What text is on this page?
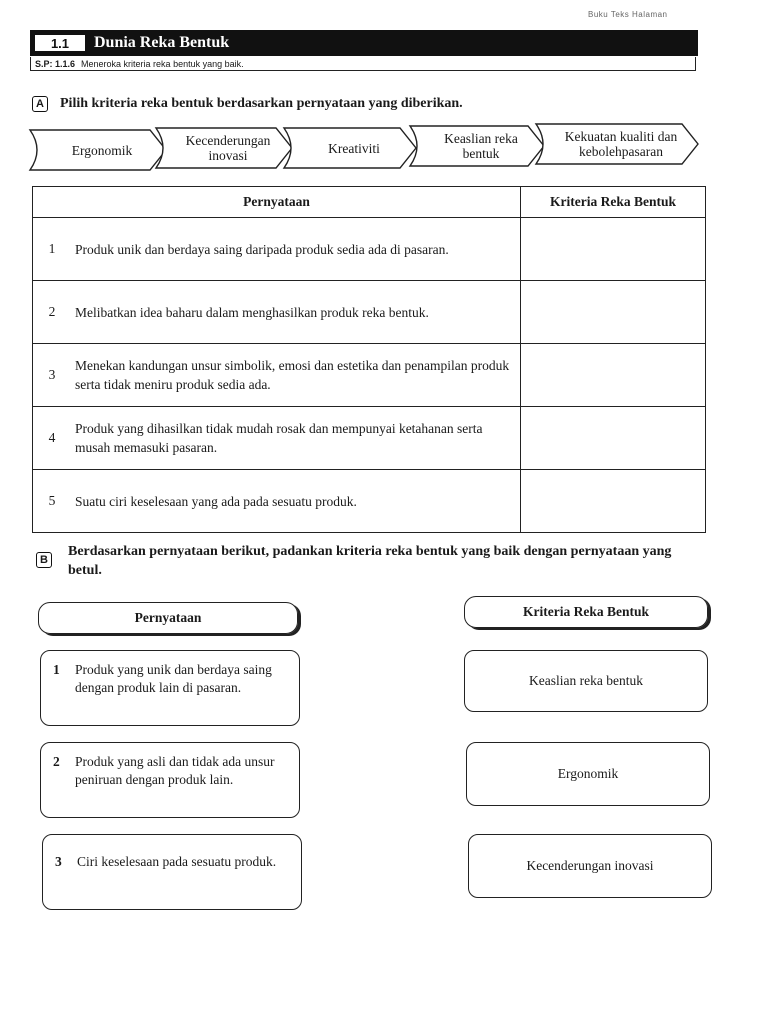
Buku Teks Halaman
1.1	Dunia Reka Bentuk
S.P: 1.1.6 Meneroka kriteria reka bentuk yang baik.
A Pilih kriteria reka bentuk berdasarkan pernyataan yang diberikan.
Ergonomik
Kecenderungan inovasi	Kreativiti
Keaslian reka bentuk
Kekuatan kualiti dan kebolehpasaran
Pernyataan		Kriteria Reka Bentuk
1	Produk unik dan berdaya saing daripada produk sedia ada di pasaran.	
2	Melibatkan idea baharu dalam menghasilkan produk reka bentuk.	
3	Menekan kandungan unsur simbolik, emosi dan estetika dan penampilan produk serta tidak meniru produk sedia ada.	
4	Produk yang dihasilkan tidak mudah rosak dan mempunyai ketahanan serta musah memasuki pasaran.	
5	Suatu ciri keselesaan yang ada pada sesuatu produk.	
B
Berdasarkan pernyataan berikut, padankan kriteria reka bentuk yang baik dengan pernyataan yang betul.
Pernyataan	Kriteria Reka Bentuk
1	Produk yang unik dan berdaya saing dengan produk lain di pasaran.
2	Produk yang asli dan tidak ada unsur peniruan dengan produk lain.
3	Ciri keselesaan pada sesuatu produk.
Keaslian reka bentuk
Ergonomik
Kecenderungan inovasi
